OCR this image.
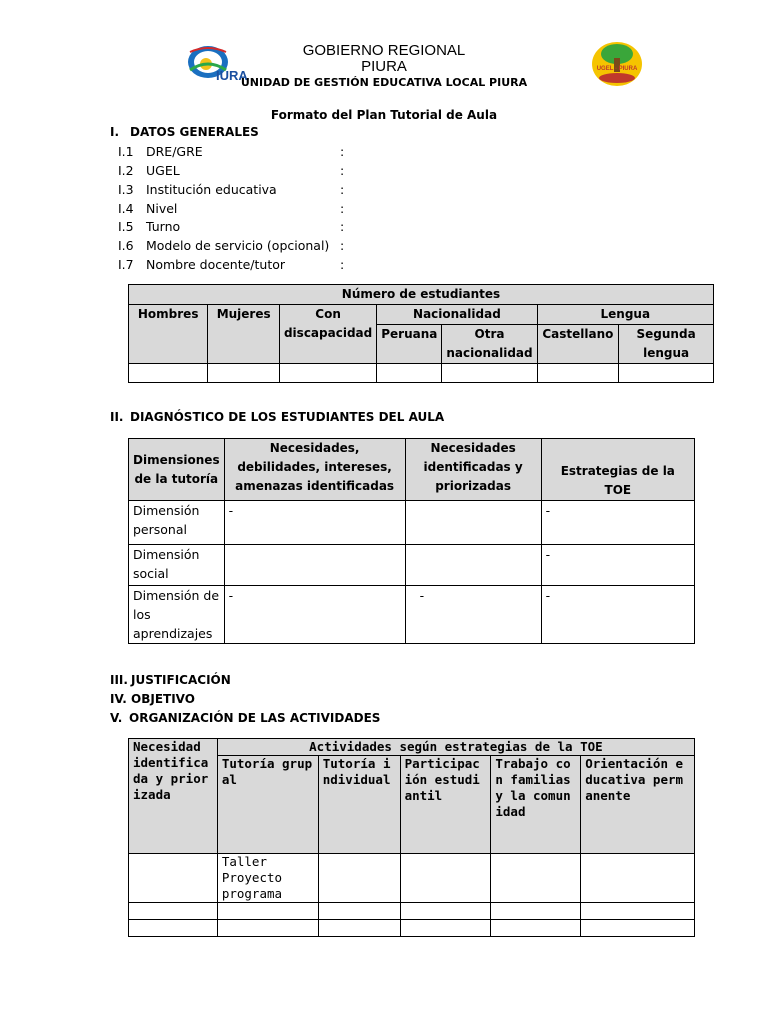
IURA	UGEL - PIURA
GOBIERNO REGIONAL
PIURA
UNIDAD DE GESTIÓN EDUCATIVA LOCAL PIURA
Formato del Plan Tutorial de Aula
I. DATOS GENERALES
I.1 DRE/GRE	:
I.2 UGEL	:
I.3 Institución educativa	:
I.4 Nivel	:
I.5 Turno	:
I.6 Modelo de servicio (opcional) :
I.7 Nombre docente/tutor	:
Número de estudiantes						
Hombres	Mujeres	Con discapacidad	Nacionalidad		Lengua	
			Peruana	Otra nacionalidad	Castellano	Segunda lengua

II. DIAGNÓSTICO DE LOS ESTUDIANTES DEL AULA
Dimensiones de la tutoría	Necesidades, debilidades, intereses, amenazas identificadas	Necesidades identificadas y priorizadas	Estrategias de la TOE
Dimensión personal	-		-
Dimensión social			-
Dimensión de los aprendizajes	-	-	-
III. JUSTIFICACIÓN
IV. OBJETIVO
V. ORGANIZACIÓN DE LAS ACTIVIDADES
Necesidad identificada y priorizada	Actividades según estrategias de la TOE				
	Tutoría grupal	Tutoría individual	Participación estudiantil	Trabajo con familias y la comunidad	Orientación educativa permanente
	Taller Proyecto programa				
